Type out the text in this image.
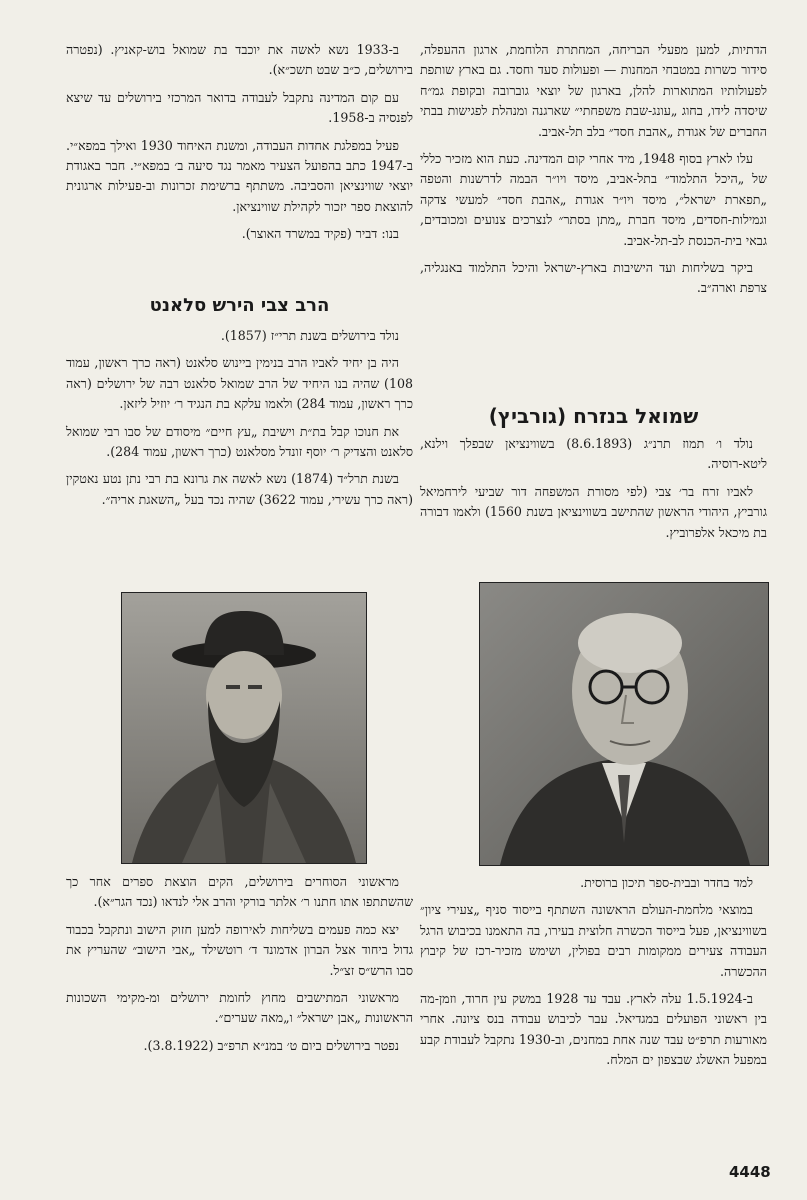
הדתיות, למען מפעלי הבריחה, המחתרת הלוחמת, ארגון ההעפלה, סידור כשרות במטבחי המחנות — ופעולות סעד וחסד. גם בארץ שותפת לפעולותיו המתוארות להלן, בארגון של יוצאי גוברובה ובקופת גמ״ח שיסדה לידו, בחוג „עונג-שבת משפחתי״ שארגנה ומנהלת לפגישות בבתי החברים של אגודת „אהבת חסד״ בלב תל-אביב.

עלו לארץ בסוף 1948, מיד אחרי קום המדינה. כעת הוא מזכיר כללי של „היכל התלמוד״ בתל-אביב, מיסד ויו״ר הבמה לדרשנות והטפה „תפארת ישראל״, מיסד ויו״ר אגודת „אהבת חסד״ למעשי צדקה וגמילות-חסדים, מיסד חברת „מתן בסתר״ לנצרכים צנועים ומכובדים, גבאי בית-הכנסת לב-תל-אביב.

ביקר בשליחות ועד הישיבות בארץ-ישראל והיכל התלמוד באנגליה, צרפת וארה״ב.

שמואל בנזרח (גורביץ)

נולד ו׳ תמוז תרנ״ג (8.6.1893) בשווינציאן שבפלך וילנא, ליטא-רוסיה.

לאביו זרח בר׳ צבי (לפי מסורת המשפחה דור שביעי לירחמיאל גורביץ, היהודי הראשון שהתישב בשווינציאן בשנת 1560) ולאמו דבורה בת מיכאל אלפרוביץ.

למד בחדר ובבית-ספר תיכון ברוסית.

במוצאי מלחמת-העולם הראשונה השתתף בייסוד סניף „צעירי ציון״ בשווינציאן, פעל בייסוד הכשרה חלוצית בעירו, בה התאמנו בכיבוש הרגל העבודה צעירים ממקומות רבים בפולין, ושימש מזכיר-רכז של קיבוץ ההכשרה.

ב-1.5.1924 עלה לארץ. עבד עד 1928 במשק עין חרוד, וזמן-מה בין ראשוני הפועלים במגדיאל. עבר לכיבוש עבודה בנס ציונה. אחרי מאורעות תרפ״ט עבד שנה אחת במחנים, וב-1930 נתקבל לעבודת קבע במפעל האשלג שבצפון ים המלח.

ב-1933 נשא לאשה את יוכבד בת שמואל בוש-קאניץ. (נפטרה בירושלים, כ״ב שבט תשכ״א).

עם קום המדינה נתקבל לעבודה בדואר המרכזי בירושלים עד שיצא לפנסיה ב-1958.

פעיל במפלגת אחדות העבודה, ומשנת האיחוד 1930 ואילך במפא״י. ב-1947 כתב בהפועל הצעיר מאמר נגד סיעה ב׳ במפא״י. חבר באגודת יוצאי שווינציאן והסביבה. משתתף ברשימת זכרונות וב-פעילות ארגונית להוצאת ספר יזכור לקהילת שווינציאן.

בנו: דביר (פקיד במשרד האוצר).

הרב צבי הירש סלאנט

נולד בירושלים בשנת תרי״ז (1857).

היה בן יחיד לאביו הרב בנימין ביינוש סלאנט (ראה כרך ראשון, עמוד 108) שהיה בנו היחיד של הרב שמואל סלאנט רבה של ירושלים (ראה כרך ראשון, עמוד 284) ולאמו עלקא בת הנגיד ר׳ יוזיל ליזאן.

את חנוכו קבל בת״ת וישיבת „עץ חיים״ מיסודם של סבו רבי שמואל סלאנט והצדיק ר׳ יוסף זונדל מסלאנט (כרך ראשון, עמוד 284).

בשנת תרל״ד (1874) נשא לאשה את גרונא בת רבי נתן נטע נאטקין (ראה כרך עשירי, עמוד 3622) שהיה נכד בעל „השאגת אריה״.

מראשוני הסוחרים בירושלים, הקים הוצאת ספרים אחר כך שהשתתפו אתו חתנו ר׳ אלתר בורקי והרב אלי לנדאו (נכד הגר״א).

יצא כמה פעמים בשליחות לאירופה למען חזוק הישוב ונתקבל בכבוד גדול ביחוד אצל הברון אדמונד ד׳ רוטשילד „אבי הישוב״ שהעריץ את סבו הרש״ס זצ״ל.

מראשוני המתישבים מחוץ לחומת ירושלים ומ-מקימי השכונות הראשונות „אבן ישראל״ ו„מאה שערים״.

נפטר בירושלים ביום ט׳ במנ״א תרפ״ב (3.8.1922).

4448
